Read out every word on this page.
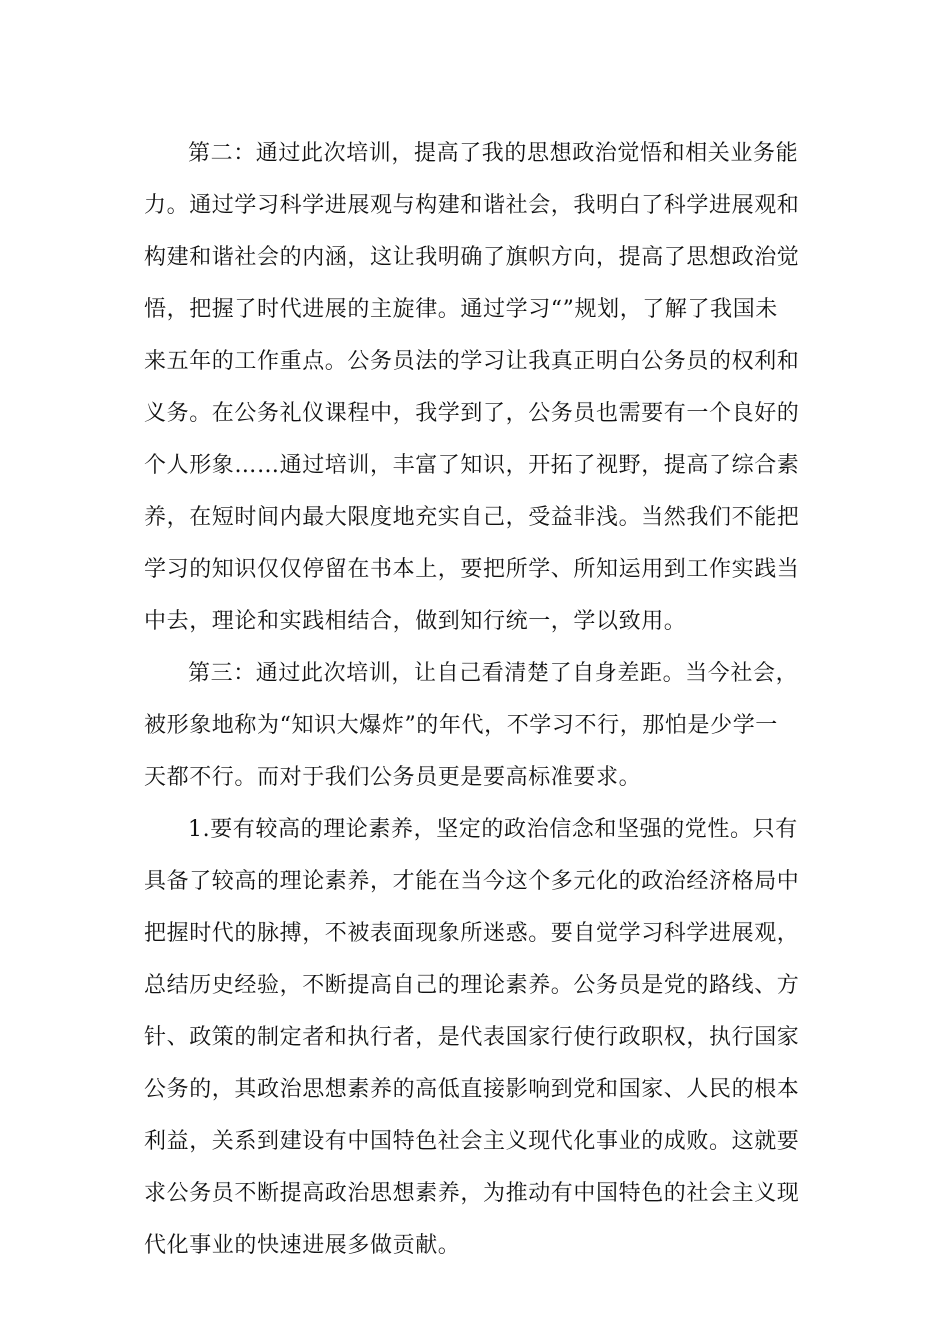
第二：通过此次培训，提高了我的思想政治觉悟和相关业务能
力。通过学习科学进展观与构建和谐社会，我明白了科学进展观和
构建和谐社会的内涵，这让我明确了旗帜方向，提高了思想政治觉
悟，把握了时代进展的主旋律。通过学习“”规划，了解了我国未
来五年的工作重点。公务员法的学习让我真正明白公务员的权利和
义务。在公务礼仪课程中，我学到了，公务员也需要有一个良好的
个人形象……通过培训，丰富了知识，开拓了视野，提高了综合素
养，在短时间内最大限度地充实自己，受益非浅。当然我们不能把
学习的知识仅仅停留在书本上，要把所学、所知运用到工作实践当
中去，理论和实践相结合，做到知行统一，学以致用。
第三：通过此次培训，让自己看清楚了自身差距。当今社会，
被形象地称为“知识大爆炸”的年代，不学习不行，那怕是少学一
天都不行。而对于我们公务员更是要高标准要求。
1.要有较高的理论素养，坚定的政治信念和坚强的党性。只有
具备了较高的理论素养，才能在当今这个多元化的政治经济格局中
把握时代的脉搏，不被表面现象所迷惑。要自觉学习科学进展观，
总结历史经验，不断提高自己的理论素养。公务员是党的路线、方
针、政策的制定者和执行者，是代表国家行使行政职权，执行国家
公务的，其政治思想素养的高低直接影响到党和国家、人民的根本
利益，关系到建设有中国特色社会主义现代化事业的成败。这就要
求公务员不断提高政治思想素养，为推动有中国特色的社会主义现
代化事业的快速进展多做贡献。
